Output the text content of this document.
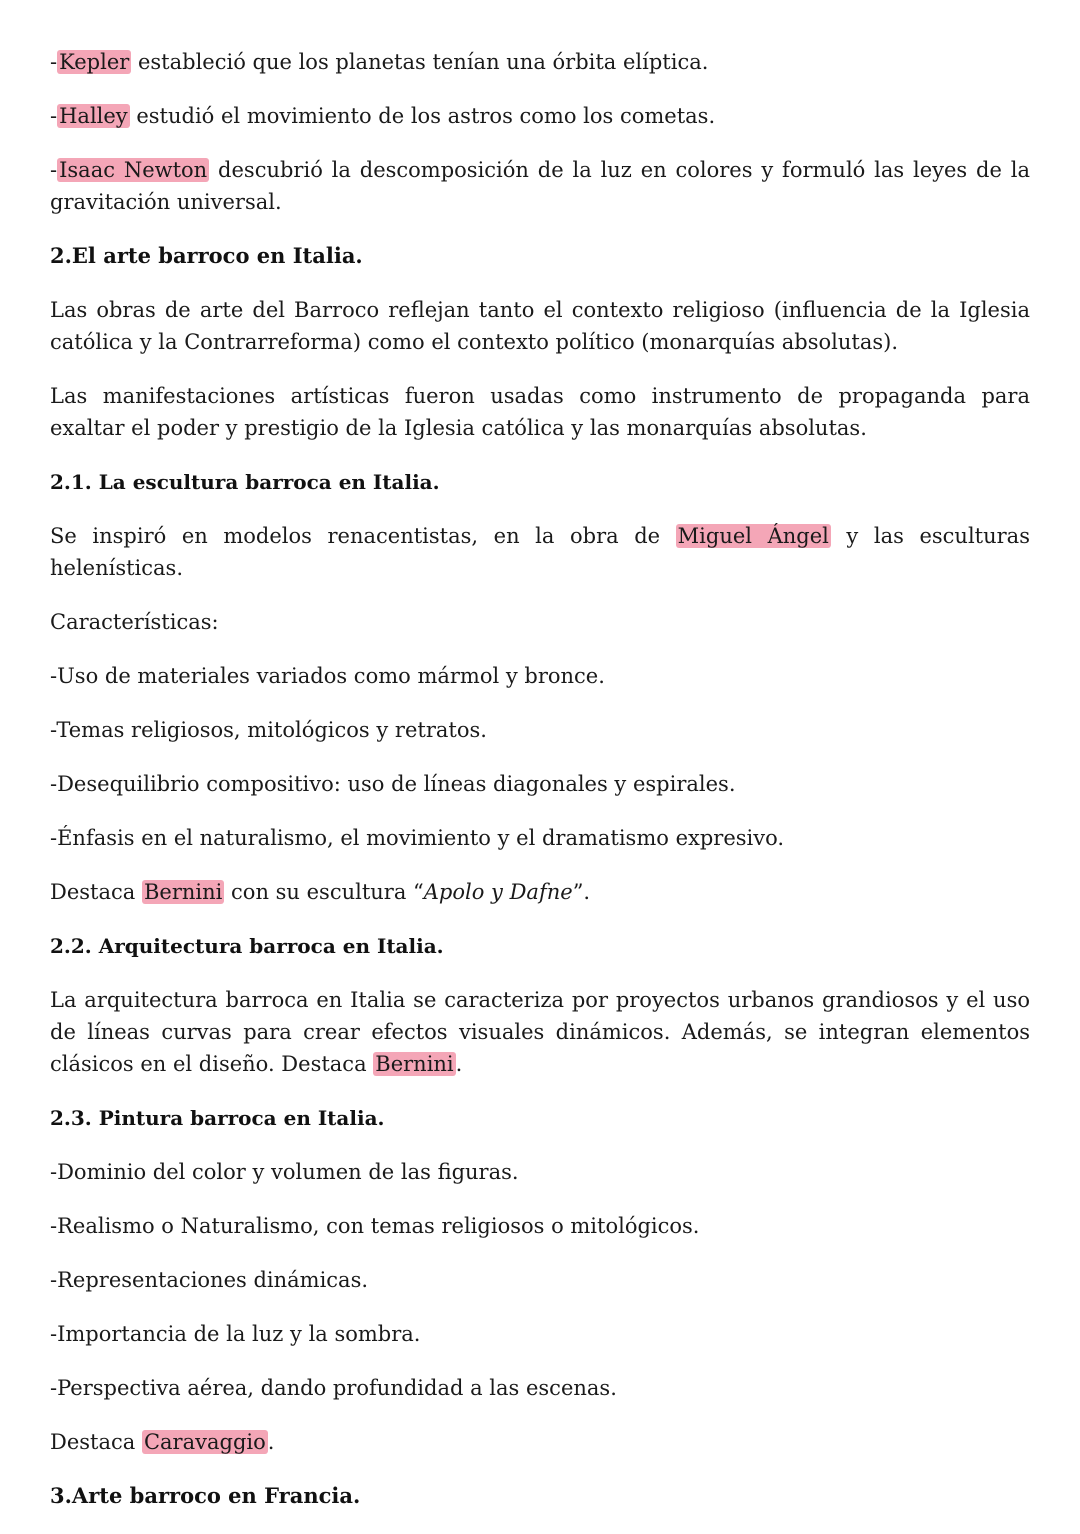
-Kepler estableció que los planetas tenían una órbita elíptica.

-Halley estudió el movimiento de los astros como los cometas.

-Isaac Newton descubrió la descomposición de la luz en colores y formuló las leyes de la gravitación universal.

2.El arte barroco en Italia.

Las obras de arte del Barroco reflejan tanto el contexto religioso (influencia de la Iglesia católica y la Contrarreforma) como el contexto político (monarquías absolutas).

Las manifestaciones artísticas fueron usadas como instrumento de propaganda para exaltar el poder y prestigio de la Iglesia católica y las monarquías absolutas.

2.1. La escultura barroca en Italia.

Se inspiró en modelos renacentistas, en la obra de Miguel Ángel y las esculturas helenísticas.

Características:

-Uso de materiales variados como mármol y bronce.

-Temas religiosos, mitológicos y retratos.

-Desequilibrio compositivo: uso de líneas diagonales y espirales.

-Énfasis en el naturalismo, el movimiento y el dramatismo expresivo.

Destaca Bernini con su escultura “Apolo y Dafne”.

2.2. Arquitectura barroca en Italia.

La arquitectura barroca en Italia se caracteriza por proyectos urbanos grandiosos y el uso de líneas curvas para crear efectos visuales dinámicos. Además, se integran elementos clásicos en el diseño. Destaca Bernini.

2.3. Pintura barroca en Italia.

-Dominio del color y volumen de las figuras.

-Realismo o Naturalismo, con temas religiosos o mitológicos.

-Representaciones dinámicas.

-Importancia de la luz y la sombra.

-Perspectiva aérea, dando profundidad a las escenas.

Destaca Caravaggio.

3.Arte barroco en Francia.
